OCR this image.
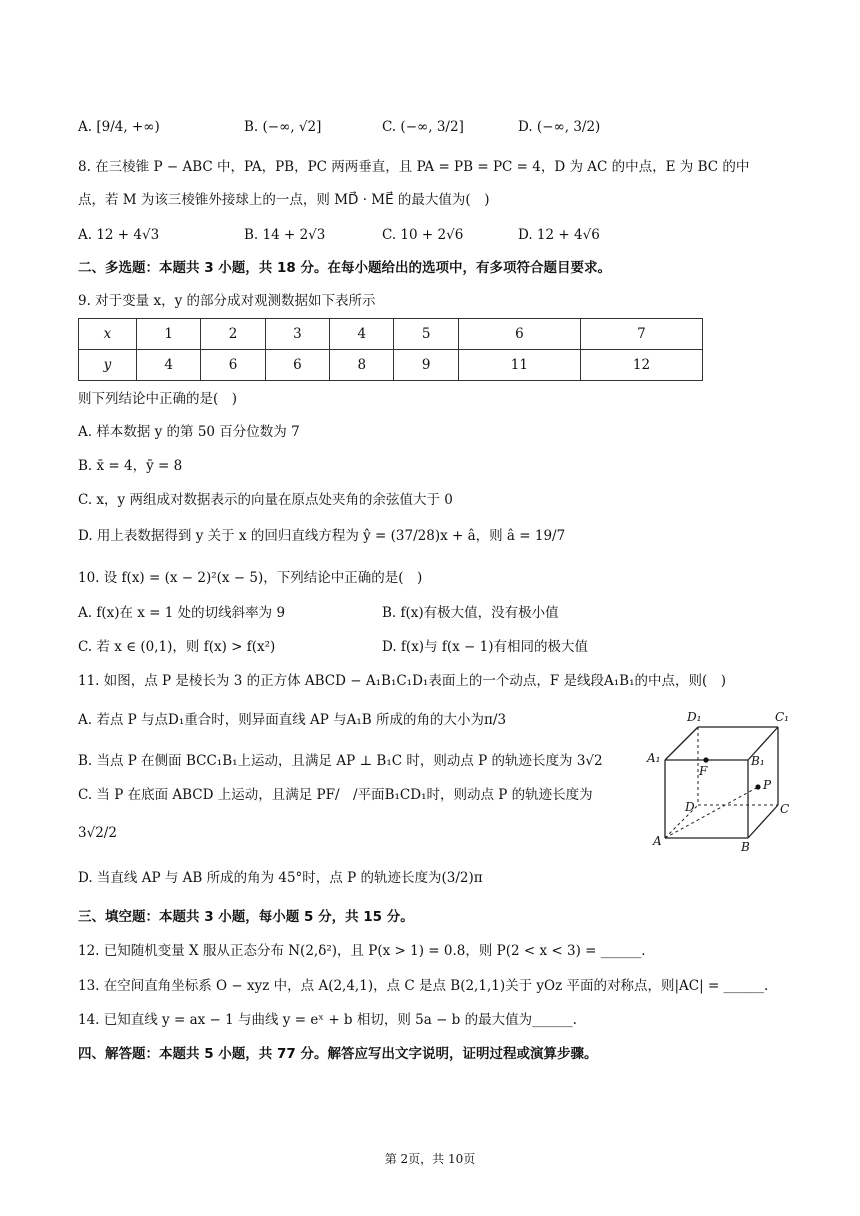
A. [9/4, +∞)	B. (−∞, √2]	C. (−∞, 3/2]	D. (−∞, 3/2)
8. 在三棱锥 P − ABC 中，PA，PB，PC 两两垂直，且 PA = PB = PC = 4，D 为 AC 的中点，E 为 BC 的中
点，若 M 为该三棱锥外接球上的一点，则 MD⃗ · ME⃗ 的最大值为(　)
A. 12 + 4√3	B. 14 + 2√3	C. 10 + 2√6	D. 12 + 4√6
二、多选题：本题共 3 小题，共 18 分。在每小题给出的选项中，有多项符合题目要求。
9. 对于变量 x，y 的部分成对观测数据如下表所示
x	1	2	3	4	5	6	7
y	4	6	6	8	9	11	12
则下列结论中正确的是(　)
A. 样本数据 y 的第 50 百分位数为 7
B. x̄ = 4，ȳ = 8
C. x，y 两组成对数据表示的向量在原点处夹角的余弦值大于 0
D. 用上表数据得到 y 关于 x 的回归直线方程为 ŷ = (37/28)x + â，则 â = 19/7
10. 设 f(x) = (x − 2)²(x − 5)，下列结论中正确的是(　)
A. f(x)在 x = 1 处的切线斜率为 9	B. f(x)有极大值，没有极小值
C. 若 x ∈ (0,1)，则 f(x) > f(x²)	D. f(x)与 f(x − 1)有相同的极大值
11. 如图，点 P 是棱长为 3 的正方体 ABCD − A₁B₁C₁D₁表面上的一个动点，F 是线段A₁B₁的中点，则(　)
A. 若点 P 与点D₁重合时，则异面直线 AP 与A₁B 所成的角的大小为π/3
B. 当点 P 在侧面 BCC₁B₁上运动，且满足 AP ⊥ B₁C 时，则动点 P 的轨迹长度为 3√2
C. 当 P 在底面 ABCD 上运动，且满足 PF/　/平面B₁CD₁时，则动点 P 的轨迹长度为
3√2/2
D. 当直线 AP 与 AB 所成的角为 45°时，点 P 的轨迹长度为(3/2)π
D₁	C₁
A₁	B₁
F
P
D	C
A	B
三、填空题：本题共 3 小题，每小题 5 分，共 15 分。
12. 已知随机变量 X 服从正态分布 N(2,δ²)，且 P(x > 1) = 0.8，则 P(2 < x < 3) = ______.
13. 在空间直角坐标系 O − xyz 中，点 A(2,4,1)，点 C 是点 B(2,1,1)关于 yOz 平面的对称点，则|AC| = ______.
14. 已知直线 y = ax − 1 与曲线 y = eˣ + b 相切，则 5a − b 的最大值为______.
四、解答题：本题共 5 小题，共 77 分。解答应写出文字说明，证明过程或演算步骤。
第 2页，共 10页
